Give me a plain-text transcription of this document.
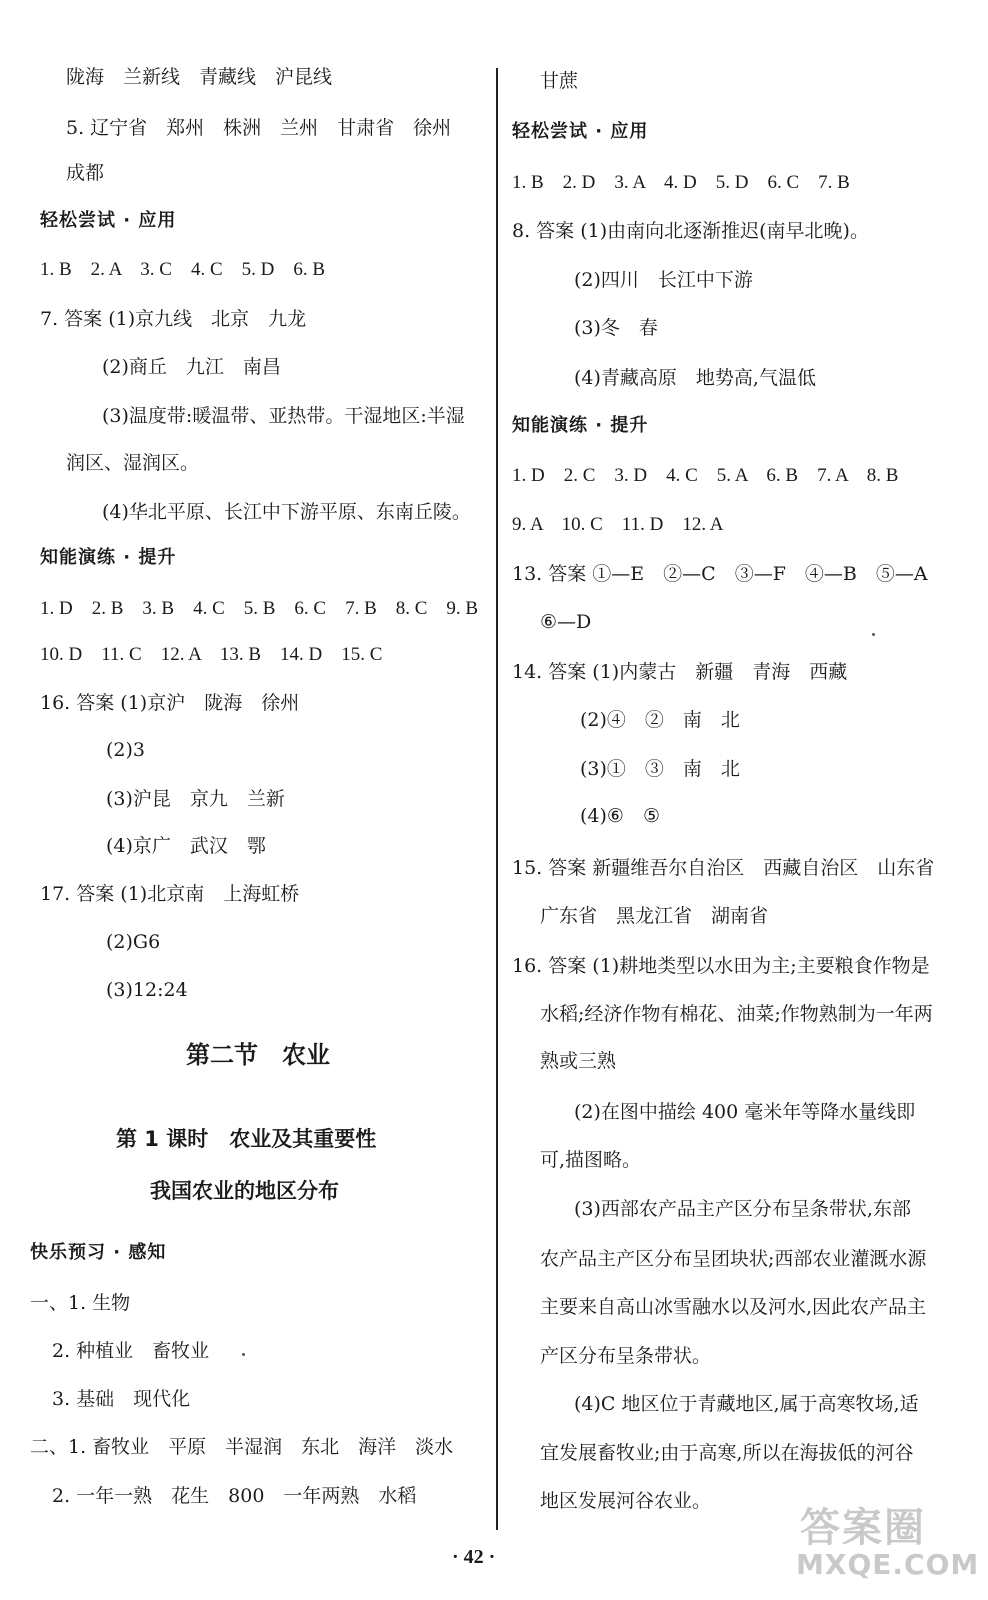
陇海　兰新线　青藏线　沪昆线
5. 辽宁省　郑州　株洲　兰州　甘肃省　徐州
成都
轻松尝试 · 应用
1. B　2. A　3. C　4. C　5. D　6. B
7. 答案 (1)京九线　北京　九龙
(2)商丘　九江　南昌
(3)温度带:暖温带、亚热带。干湿地区:半湿
润区、湿润区。
(4)华北平原、长江中下游平原、东南丘陵。
知能演练 · 提升
1. D　2. B　3. B　4. C　5. B　6. C　7. B　8. C　9. B
10. D　11. C　12. A　13. B　14. D　15. C
16. 答案 (1)京沪　陇海　徐州
(2)3
(3)沪昆　京九　兰新
(4)京广　武汉　鄂
17. 答案 (1)北京南　上海虹桥
(2)G6
(3)12:24
第二节　农业
第 1 课时　农业及其重要性
我国农业的地区分布
快乐预习 · 感知
一、1. 生物
2. 种植业　畜牧业
3. 基础　现代化
二、1. 畜牧业　平原　半湿润　东北　海洋　淡水
2. 一年一熟　花生　800　一年两熟　水稻
甘蔗
轻松尝试 · 应用
1. B　2. D　3. A　4. D　5. D　6. C　7. B
8. 答案 (1)由南向北逐渐推迟(南早北晚)。
(2)四川　长江中下游
(3)冬　春
(4)青藏高原　地势高,气温低
知能演练 · 提升
1. D　2. C　3. D　4. C　5. A　6. B　7. A　8. B
9. A　10. C　11. D　12. A
13. 答案 ①—E　②—C　③—F　④—B　⑤—A
⑥—D
14. 答案 (1)内蒙古　新疆　青海　西藏
(2)④　②　南　北
(3)①　③　南　北
(4)⑥　⑤
15. 答案 新疆维吾尔自治区　西藏自治区　山东省
广东省　黑龙江省　湖南省
16. 答案 (1)耕地类型以水田为主;主要粮食作物是
水稻;经济作物有棉花、油菜;作物熟制为一年两
熟或三熟
(2)在图中描绘 400 毫米年等降水量线即
可,描图略。
(3)西部农产品主产区分布呈条带状,东部
农产品主产区分布呈团块状;西部农业灌溉水源
主要来自高山冰雪融水以及河水,因此农产品主
产区分布呈条带状。
(4)C 地区位于青藏地区,属于高寒牧场,适
宜发展畜牧业;由于高寒,所以在海拔低的河谷
地区发展河谷农业。
· 42 ·
答案圈
MXQE.COM
